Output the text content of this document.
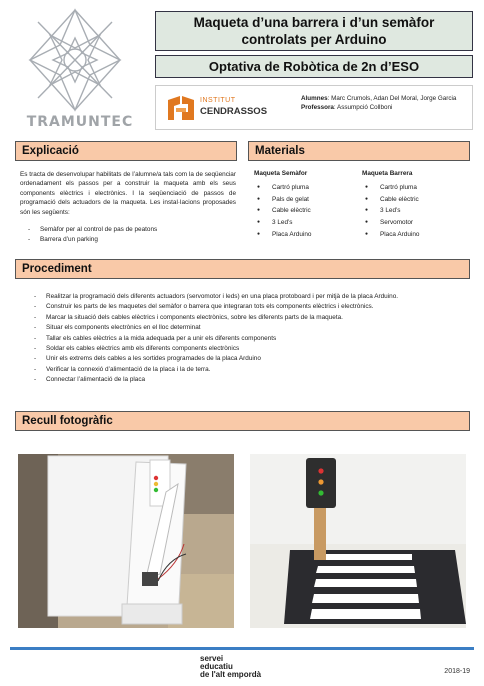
TRAMUNTEC
Maqueta d’una barrera i d’un semàfor controlats per Arduino
Optativa de Robòtica de 2n d’ESO
INSTITUT
CENDRASSOS
Alumnes: Marc Crumols, Adan Del Moral, Jorge Garcia
Professora: Assumpció Collboni
Explicació

Es tracta de desenvolupar habilitats de l’alumne/a tals com la de seqüenciar ordenadament els passos per a construir la maqueta amb els seus components elèctrics i electrònics. I la seqüenciació de passos de programació dels actuadors de la maqueta. Les instal·lacions proposades són les següents:

- Semàfor per al control de pas de peatons
- Barrera d’un parking
Materials
Maqueta Semàfor
● Cartró pluma
● Pals de gelat
● Cable elèctric
● 3 Led’s
● Placa Arduino
Maqueta Barrera
● Cartró pluma
● Cable elèctric
● 3 Led’s
● Servomotor
● Placa Arduino
Procediment
- Realitzar la programació dels diferents actuadors (servomotor i leds) en una placa protoboard i per mitjà de la placa Arduino.
- Construir les parts de les maquetes del semàfor o barrera que integraran tots els components elèctrics i electrònics.
- Marcar la situació dels cables elèctrics i components electrònics, sobre les diferents parts de la maqueta.
- Situar els components electrònics en el lloc determinat
- Tallar els cables elèctrics a la mida adequada per a unir els diferents components
- Soldar els cables elèctrics amb els diferents components electrònics
- Unir els extrems dels cables a les sortides programades de la placa Arduino
- Verificar la connexió d’alimentació de la placa i la de terra.
- Connectar l’alimentació de la placa
Recull fotogràfic
servei
educatiu
de l'alt empordà	2018-19
